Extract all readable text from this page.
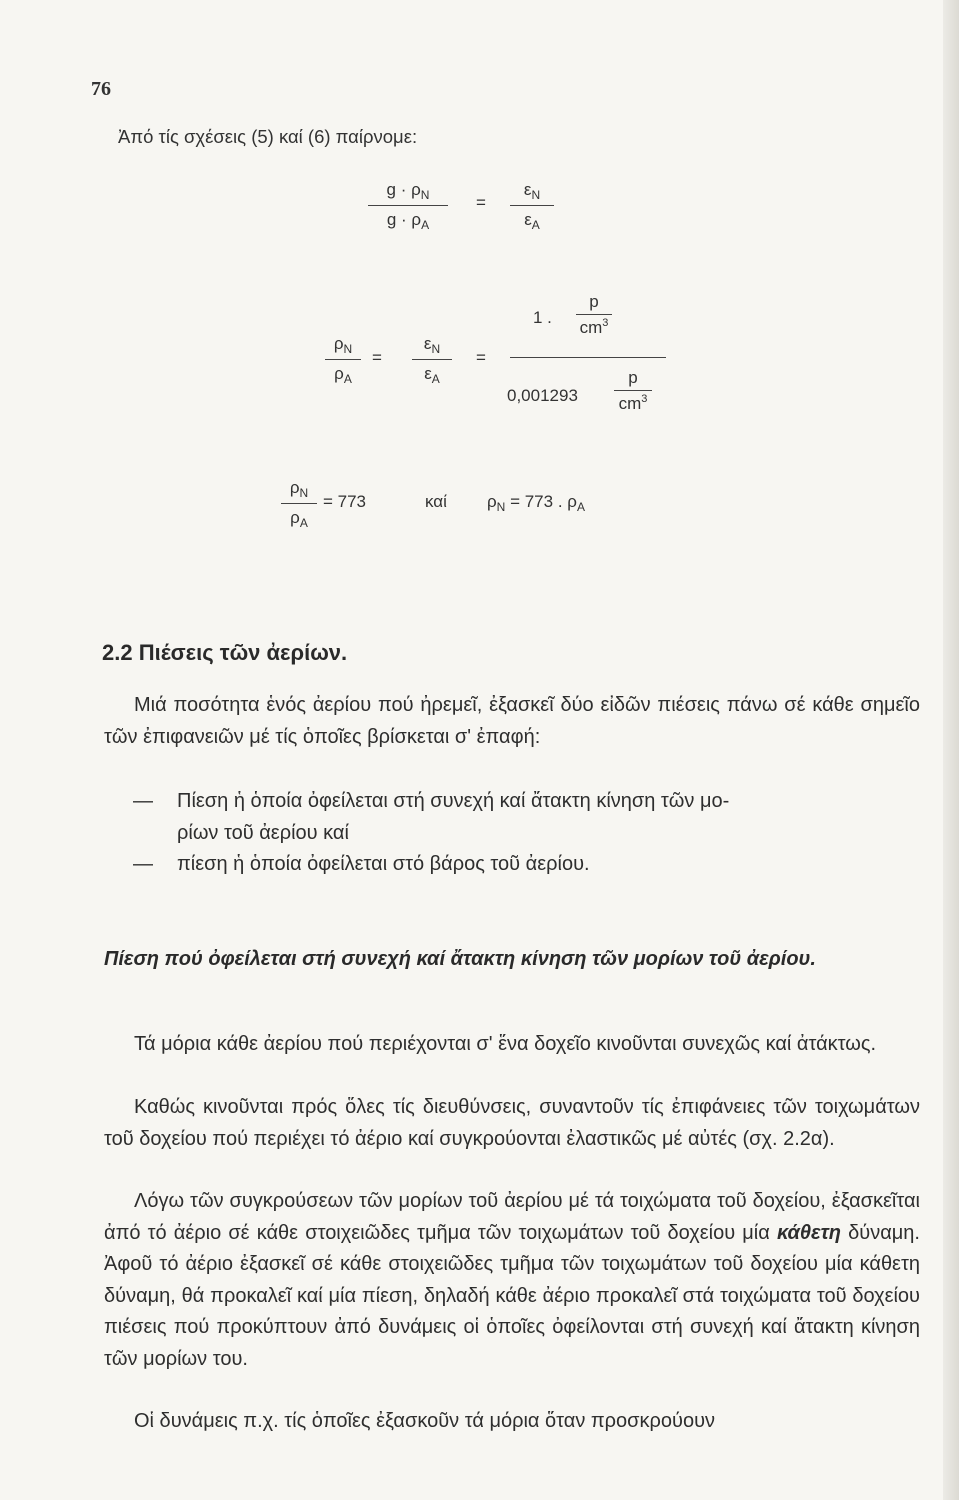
76
Ἀπό τίς σχέσεις (5) καί (6) παίρνομε:
$g \cdot \rho_N$
$g \cdot \rho_A$
=
$\varepsilon_N$
$\varepsilon_A$
$\rho_N$
$\rho_A$
=
$\varepsilon_N$
$\varepsilon_A$
=
1 .
p
$cm^3$
0,001293
p
$cm^3$
$\rho_N$
$\rho_A$
= 773	καί $\rho_N = 773$ . $\rho_A$
2.2 Πιέσεις τῶν ἀερίων.

Μιά ποσότητα ἑνός ἀερίου πού ἠρεμεῖ, ἐξασκεῖ δύο εἰδῶν πιέσεις πάνω σέ κάθε σημεῖο τῶν ἐπιφανειῶν μέ τίς ὁποῖες βρίσκεται σ' ἐπαφή:

— Πίεση ἡ ὁποία ὀφείλεται στή συνεχή καί ἄτακτη κίνηση τῶν μο-
ρίων τοῦ ἀερίου καί
— πίεση ἡ ὁποία ὀφείλεται στό βάρος τοῦ ἀερίου.
Πίεση πού ὀφείλεται στή συνεχή καί ἄτακτη κίνηση τῶν μορίων τοῦ ἀερίου.

Τά μόρια κάθε ἀερίου πού περιέχονται σ' ἕνα δοχεῖο κινοῦνται συνεχῶς καί ἀτάκτως.

Καθώς κινοῦνται πρός ὅλες τίς διευθύνσεις, συναντοῦν τίς ἐπιφάνειες τῶν τοιχωμάτων τοῦ δοχείου πού περιέχει τό ἀέριο καί συγκρούονται ἐλαστικῶς μέ αὐτές (σχ. 2.2α).

Λόγω τῶν συγκρούσεων τῶν μορίων τοῦ ἀερίου μέ τά τοιχώματα τοῦ δοχείου, ἐξασκεῖται ἀπό τό ἀέριο σέ κάθε στοιχειῶδες τμῆμα τῶν τοιχωμάτων τοῦ δοχείου μία κάθετη δύναμη. Ἀφοῦ τό ἀέριο ἐξασκεῖ σέ κάθε στοιχειῶδες τμῆμα τῶν τοιχωμάτων τοῦ δοχείου μία κάθετη δύναμη, θά προκαλεῖ καί μία πίεση, δηλαδή κάθε ἀέριο προκαλεῖ στά τοιχώματα τοῦ δοχείου πιέσεις πού προκύπτουν ἀπό δυνάμεις οἱ ὁποῖες ὀφείλονται στή συνεχή καί ἄτακτη κίνηση τῶν μορίων του.

Οἱ δυνάμεις π.χ. τίς ὁποῖες ἐξασκοῦν τά μόρια ὅταν προσκρούουν
